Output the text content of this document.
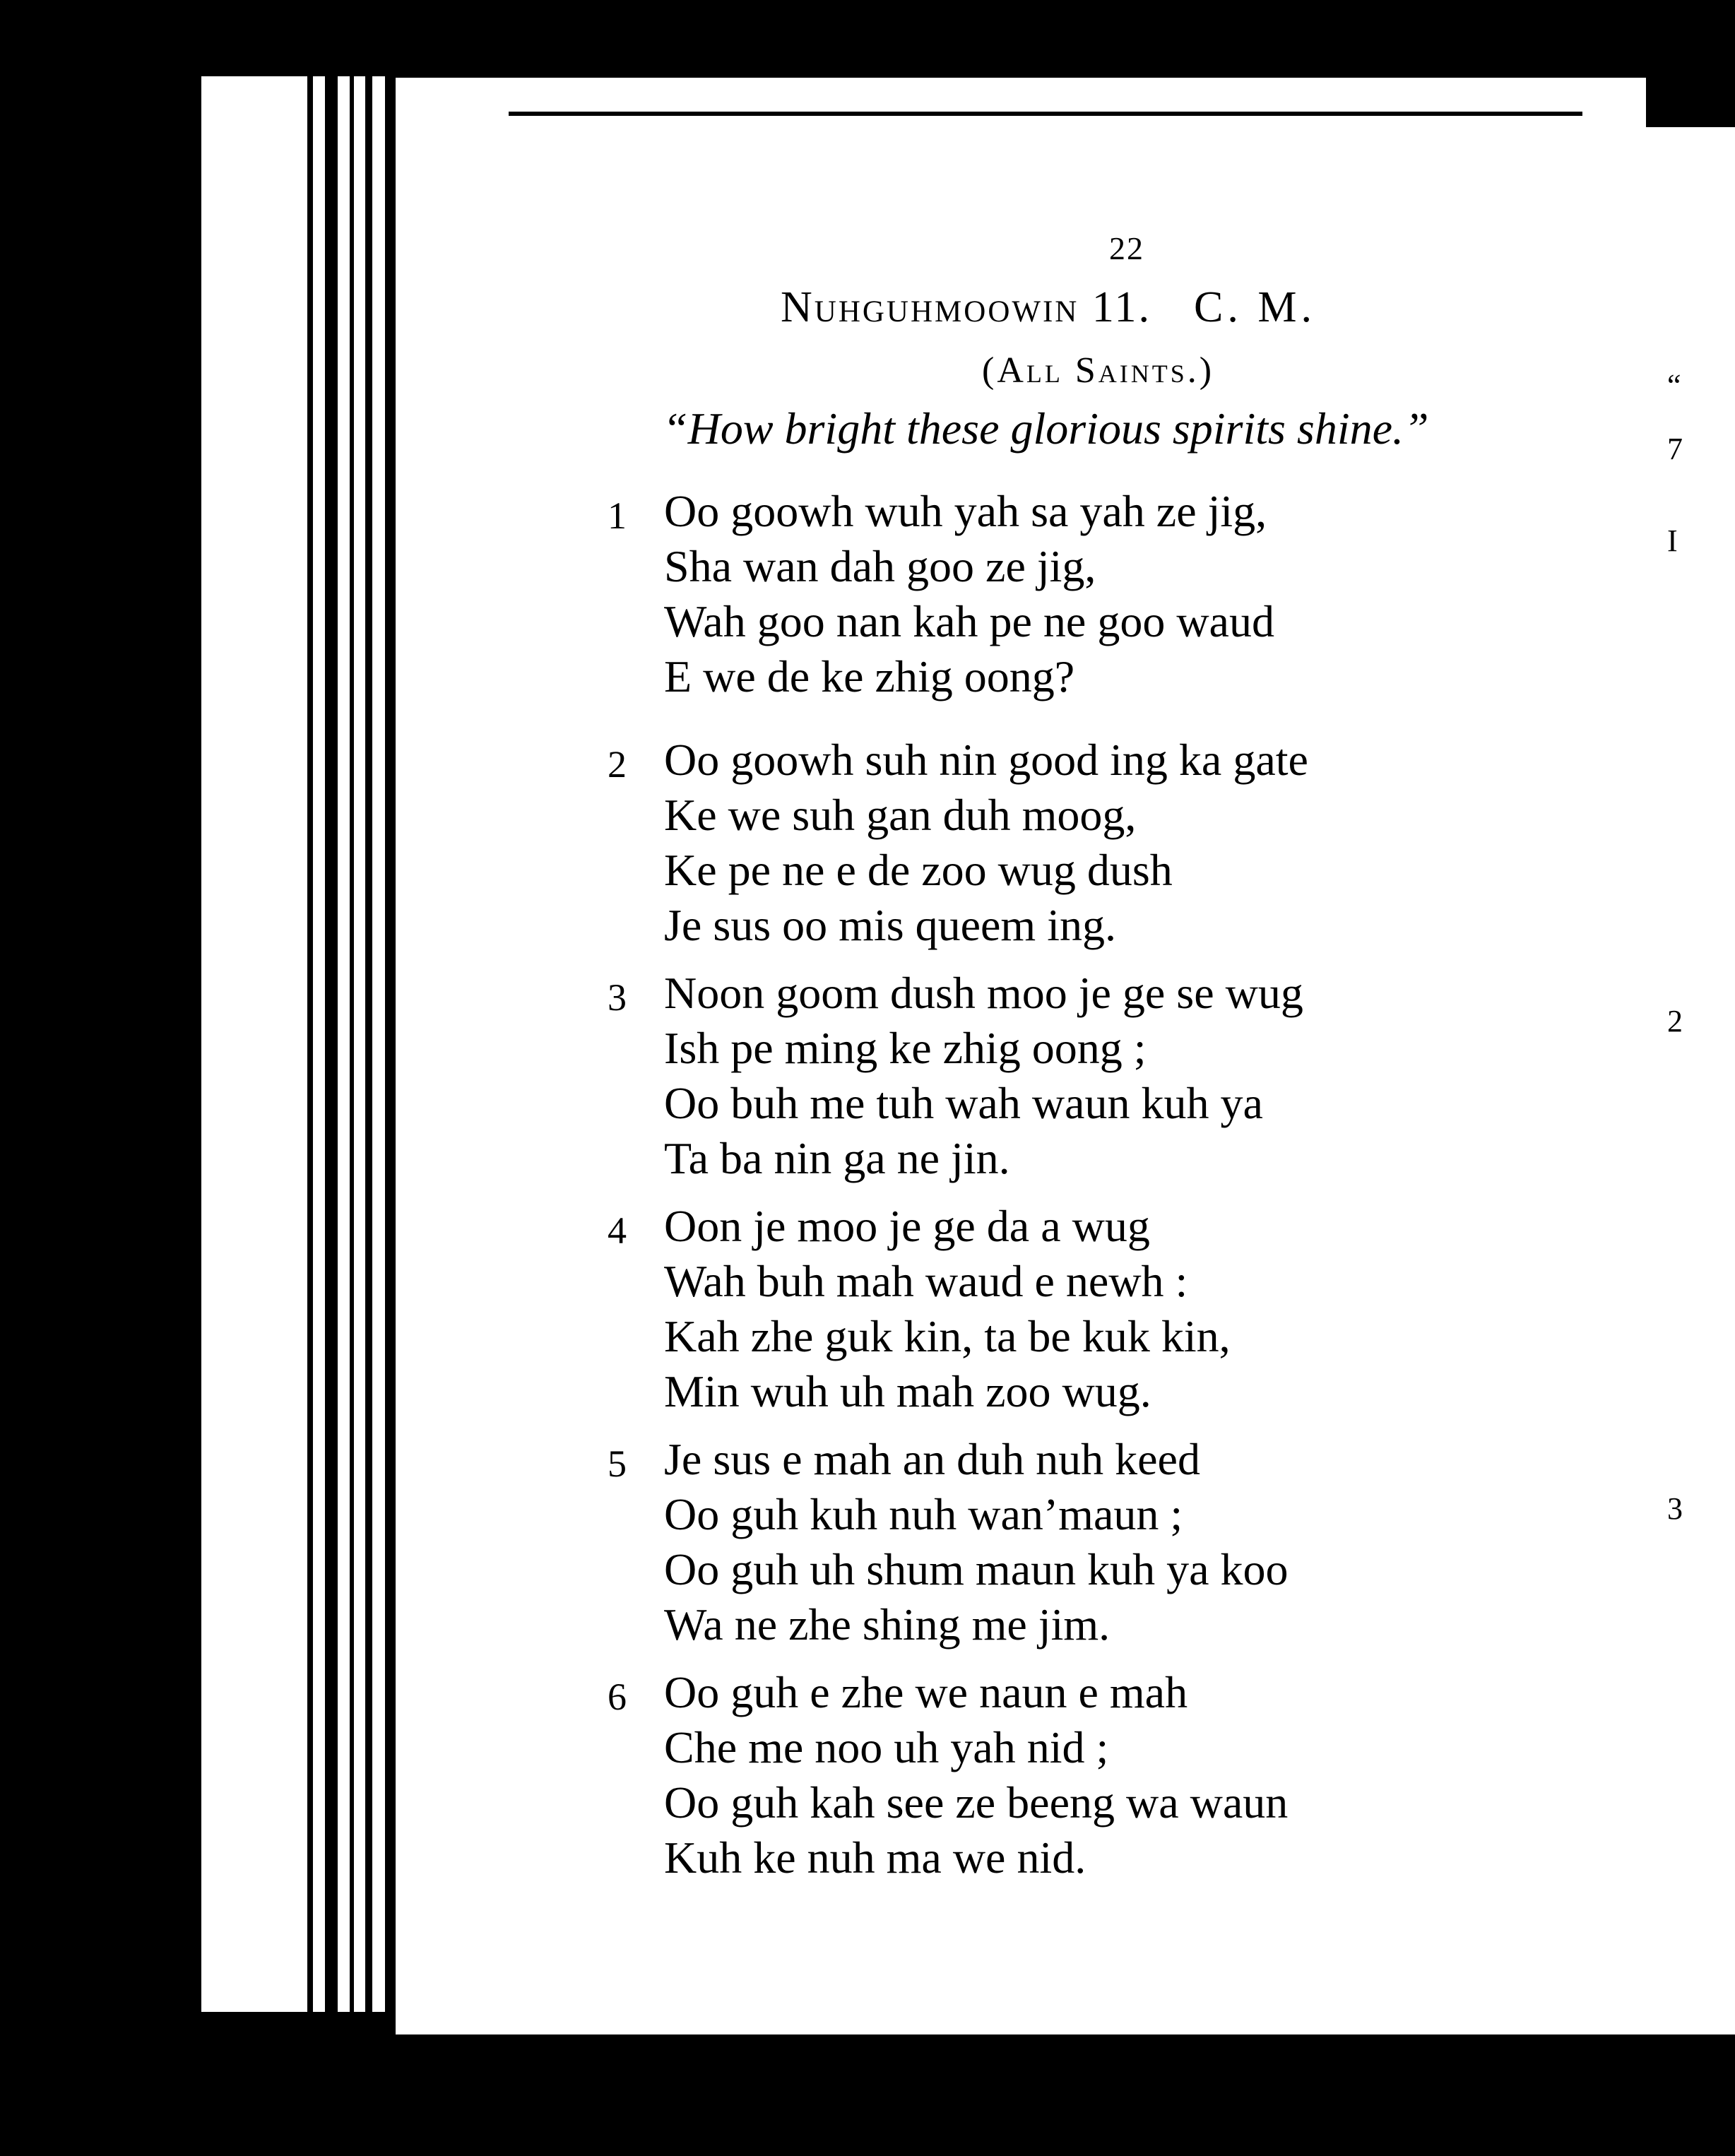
“
7
I
2
3
22
Nuhguhmoowin 11. C. M.
(All Saints.)
“How bright these glorious spirits shine.”
1 Oo goowh wuh yah sa yah ze jig,
Sha wan dah goo ze jig,
Wah goo nan kah pe ne goo waud
E we de ke zhig oong?
2 Oo goowh suh nin good ing ka gate
Ke we suh gan duh moog,
Ke pe ne e de zoo wug dush
Je sus oo mis queem ing.
3 Noon goom dush moo je ge se wug
Ish pe ming ke zhig oong ;
Oo buh me tuh wah waun kuh ya
Ta ba nin ga ne jin.
4 Oon je moo je ge da a wug
Wah buh mah waud e newh :
Kah zhe guk kin, ta be kuk kin,
Min wuh uh mah zoo wug.
5 Je sus e mah an duh nuh keed
Oo guh kuh nuh wan’maun ;
Oo guh uh shum maun kuh ya koo
Wa ne zhe shing me jim.
6 Oo guh e zhe we naun e mah
Che me noo uh yah nid ;
Oo guh kah see ze beeng wa waun
Kuh ke nuh ma we nid.
